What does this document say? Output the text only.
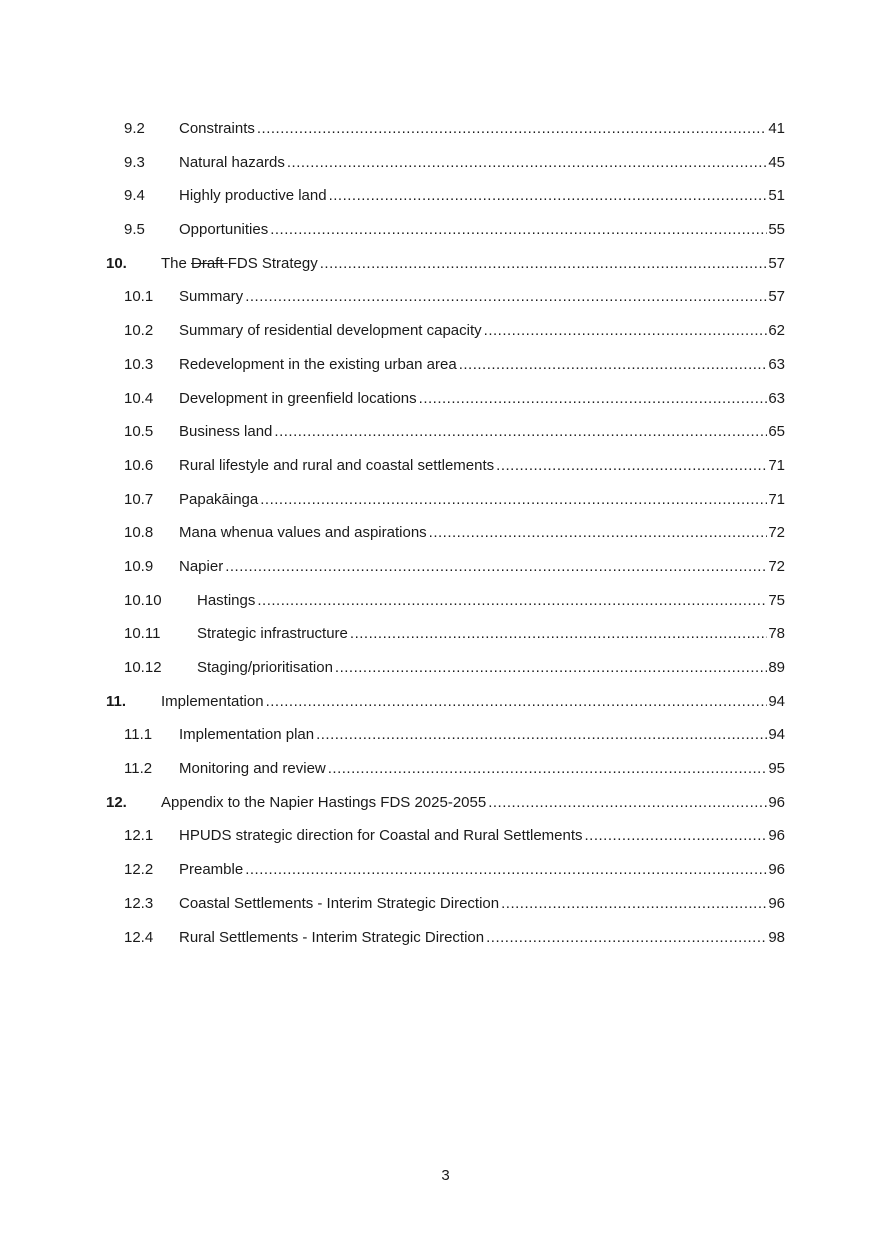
9.2 Constraints .....	41
9.3 Natural hazards .....	45
9.4 Highly productive land .....	51
9.5 Opportunities .....	55
10. The Draft FDS Strategy .....	57
10.1 Summary .....	57
10.2 Summary of residential development capacity .....	62
10.3 Redevelopment in the existing urban area .....	63
10.4 Development in greenfield locations .....	63
10.5 Business land .....	65
10.6 Rural lifestyle and rural and coastal settlements .....	71
10.7 Papakāinga .....	71
10.8 Mana whenua values and aspirations .....	72
10.9 Napier .....	72
10.10 Hastings .....	75
10.11 Strategic infrastructure .....	78
10.12 Staging/prioritisation .....	89
11. Implementation .....	94
11.1 Implementation plan .....	94
11.2 Monitoring and review .....	95
12. Appendix to the Napier Hastings FDS 2025-2055 .....	96
12.1 HPUDS strategic direction for Coastal and Rural Settlements .....	96
12.2 Preamble .....	96
12.3 Coastal Settlements - Interim Strategic Direction .....	96
12.4 Rural Settlements - Interim Strategic Direction .....	98
3
